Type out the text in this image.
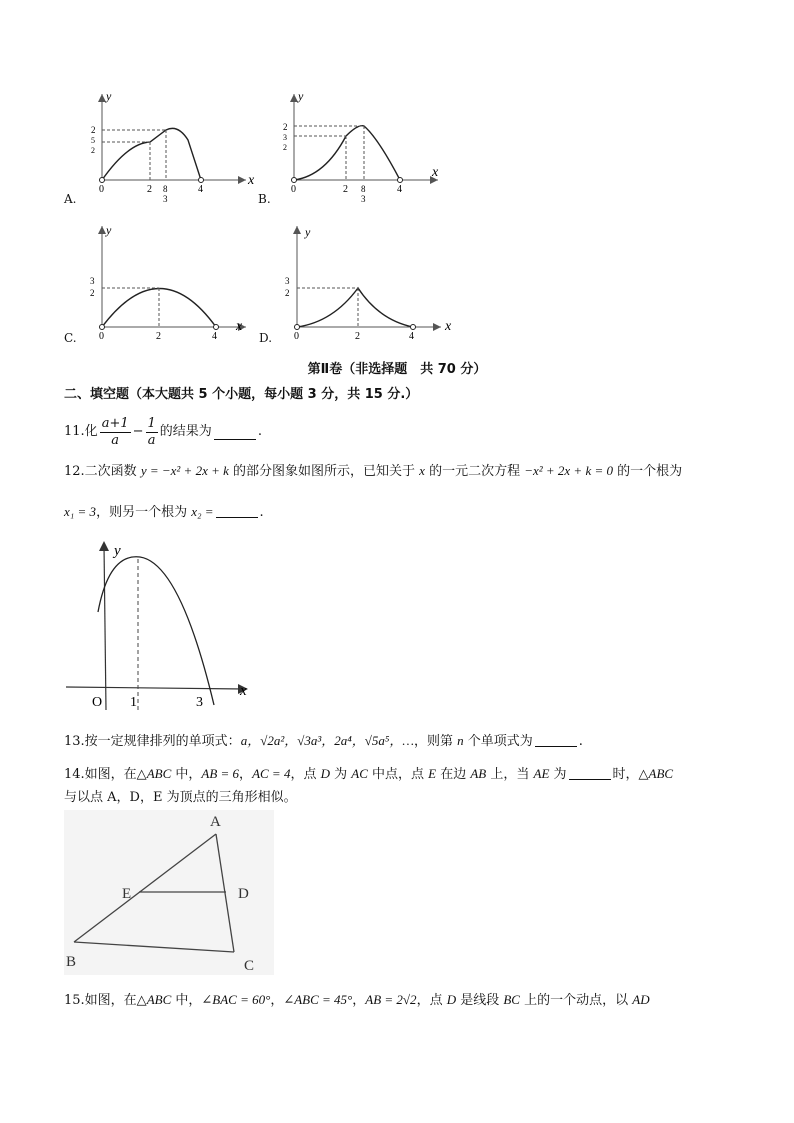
y
x
0	2 8
3
4
2
5
2
A.
y
x
0	2 8
3
4
2
3
2
B.
y
x
0	2	4
3
2
C.
y
x
0	2	4
3
2
D.
第Ⅱ卷（非选择题　共 70 分）
二、填空题（本大题共 5 个小题，每小题 3 分，共 15 分.）
11.化 $\frac{a+1}{a} - \frac{1}{a}$ 的结果为	.
12.二次函数 y = −x² + 2x + k 的部分图象如图所示，已知关于 x 的一元二次方程 −x² + 2x + k = 0 的一个根为
x₁ = 3，则另一个根为 x₂ =	.
y
x
O 1	3
13.按一定规律排列的单项式：a，√2a²，√3a³，2a⁴，√5a⁵，…，则第 n 个单项式为	.
14.如图，在△ABC 中，AB = 6，AC = 4，点 D 为 AC 中点，点 E 在边 AB 上，当 AE 为	时，△ABC
与以点 A，D，E 为顶点的三角形相似。
A
E	D
B	C
15.如图，在△ABC 中，∠BAC = 60°，∠ABC = 45°，AB = 2√2，点 D 是线段 BC 上的一个动点，以 AD
